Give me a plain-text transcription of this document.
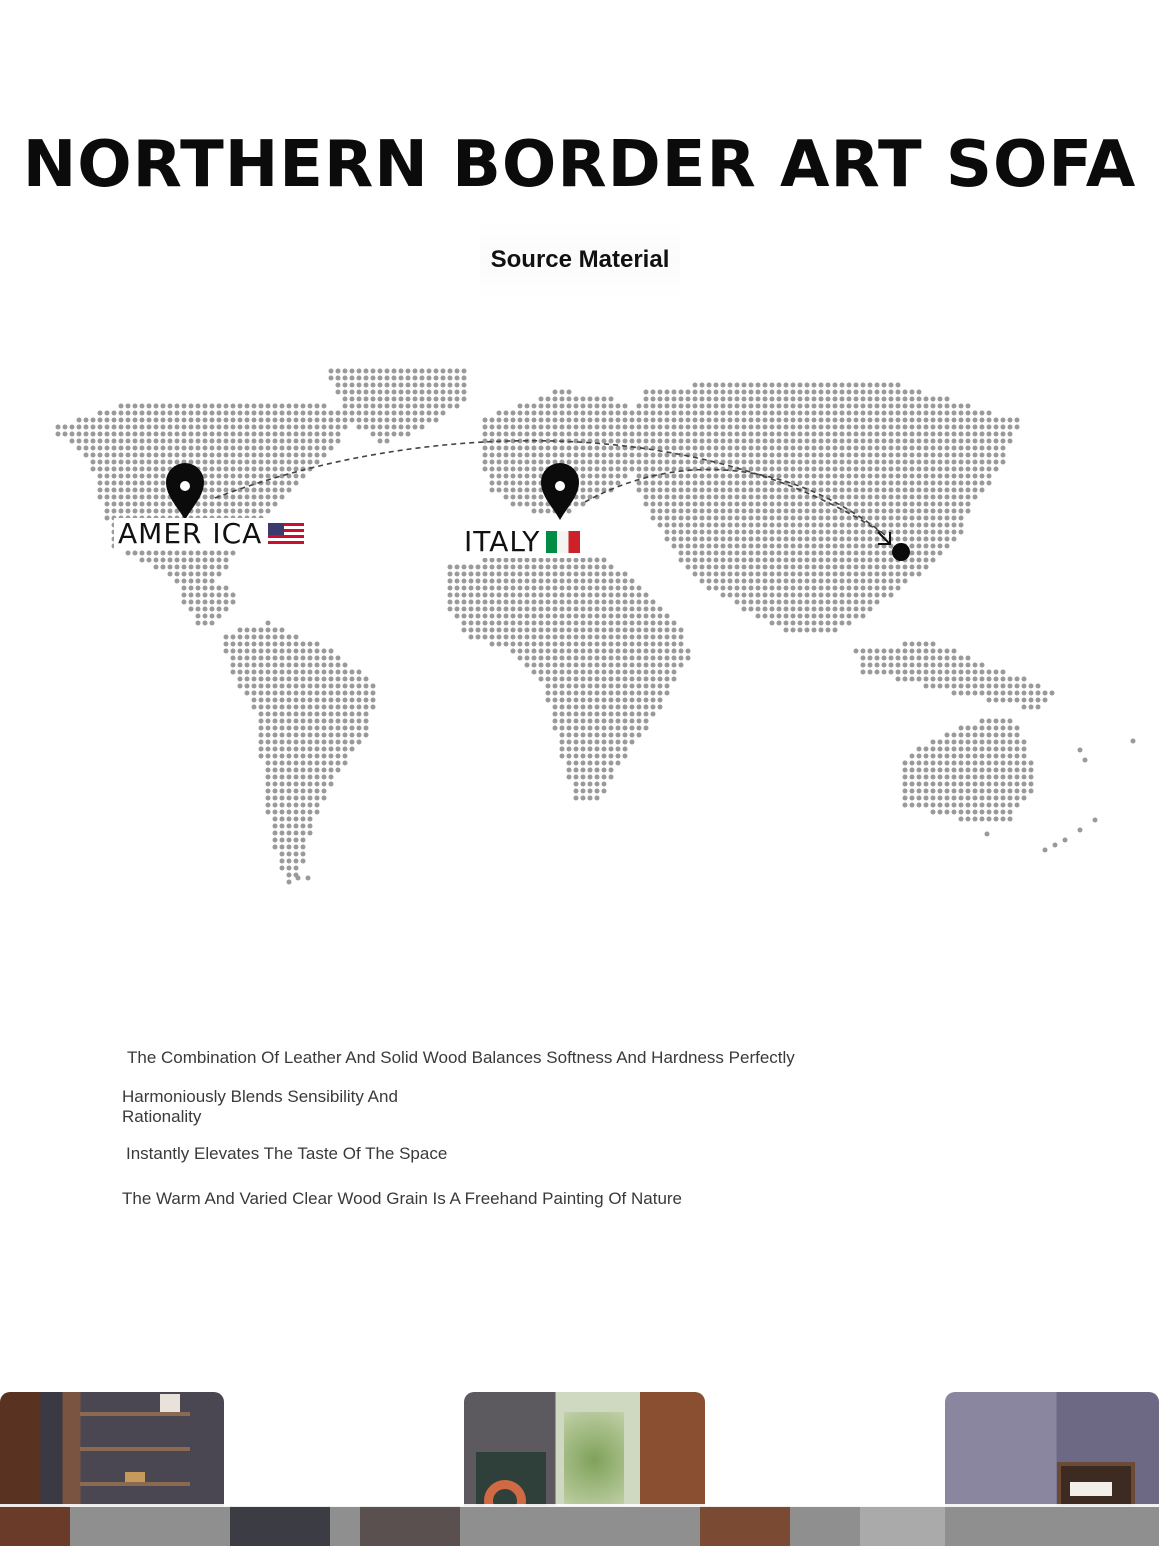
NORTHERN BORDER ART SOFA
Source Material
AMER ICA	ITALY
The Combination Of Leather And Solid Wood Balances Softness And Hardness Perfectly
Harmoniously Blends Sensibility And
Rationality
Instantly Elevates The Taste Of The Space
The Warm And Varied Clear Wood Grain Is A Freehand Painting Of Nature
